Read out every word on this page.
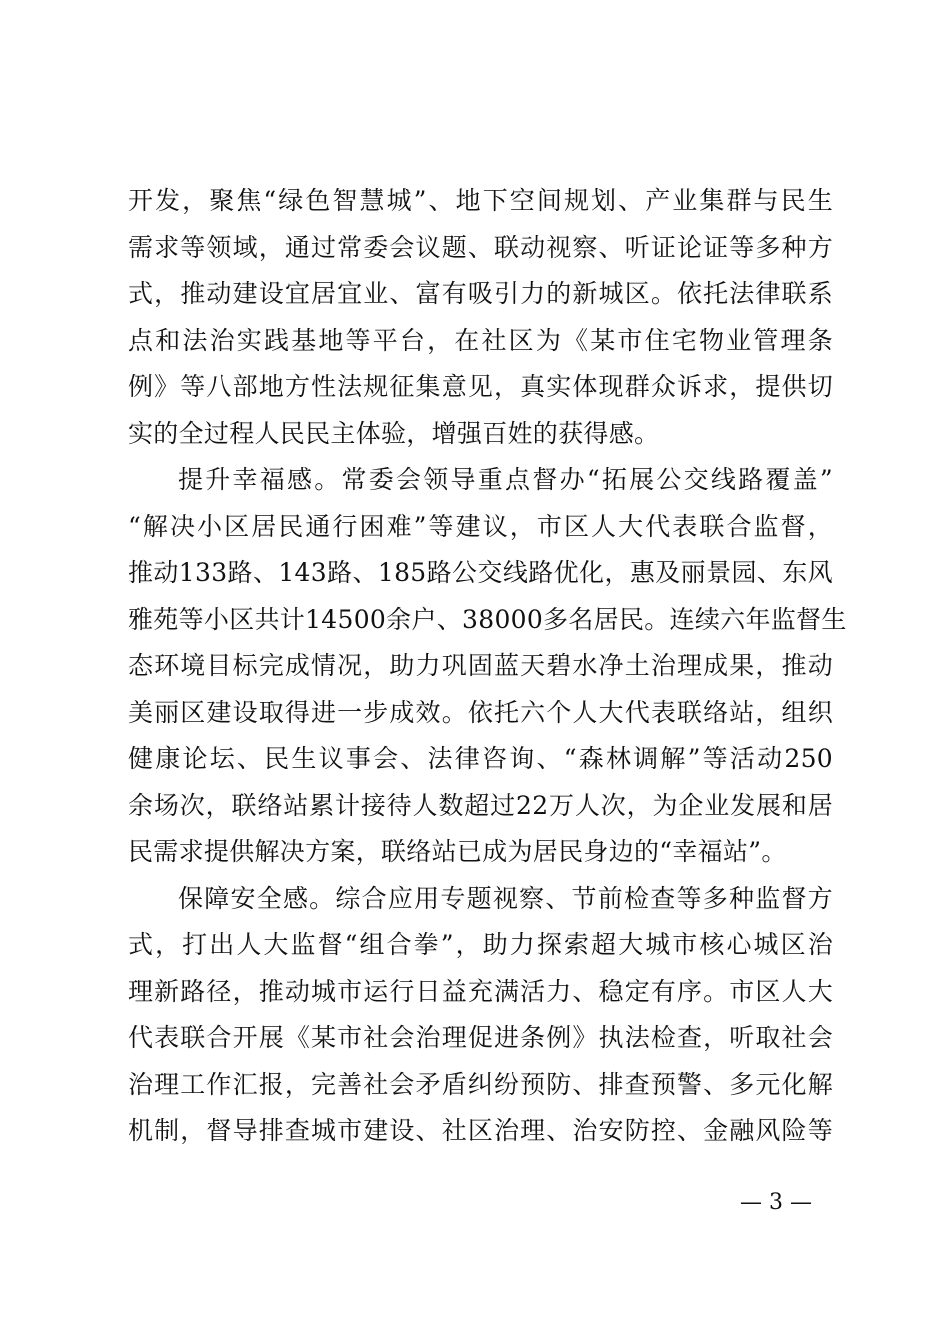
开发，聚焦“绿色智慧城”、地下空间规划、产业集群与民生
需求等领域，通过常委会议题、联动视察、听证论证等多种方
式，推动建设宜居宜业、富有吸引力的新城区。依托法律联系
点和法治实践基地等平台，在社区为《某市住宅物业管理条
例》等八部地方性法规征集意见，真实体现群众诉求，提供切
实的全过程人民民主体验，增强百姓的获得感。
提升幸福感。常委会领导重点督办“拓展公交线路覆盖”
“解决小区居民通行困难”等建议，市区人大代表联合监督，
推动133路、143路、185路公交线路优化，惠及丽景园、东风
雅苑等小区共计14500余户、38000多名居民。连续六年监督生
态环境目标完成情况，助力巩固蓝天碧水净土治理成果，推动
美丽区建设取得进一步成效。依托六个人大代表联络站，组织
健康论坛、民生议事会、法律咨询、“森林调解”等活动250
余场次，联络站累计接待人数超过22万人次，为企业发展和居
民需求提供解决方案，联络站已成为居民身边的“幸福站”。
保障安全感。综合应用专题视察、节前检查等多种监督方
式，打出人大监督“组合拳”，助力探索超大城市核心城区治
理新路径，推动城市运行日益充满活力、稳定有序。市区人大
代表联合开展《某市社会治理促进条例》执法检查，听取社会
治理工作汇报，完善社会矛盾纠纷预防、排查预警、多元化解
机制，督导排查城市建设、社区治理、治安防控、金融风险等
— 3 —
